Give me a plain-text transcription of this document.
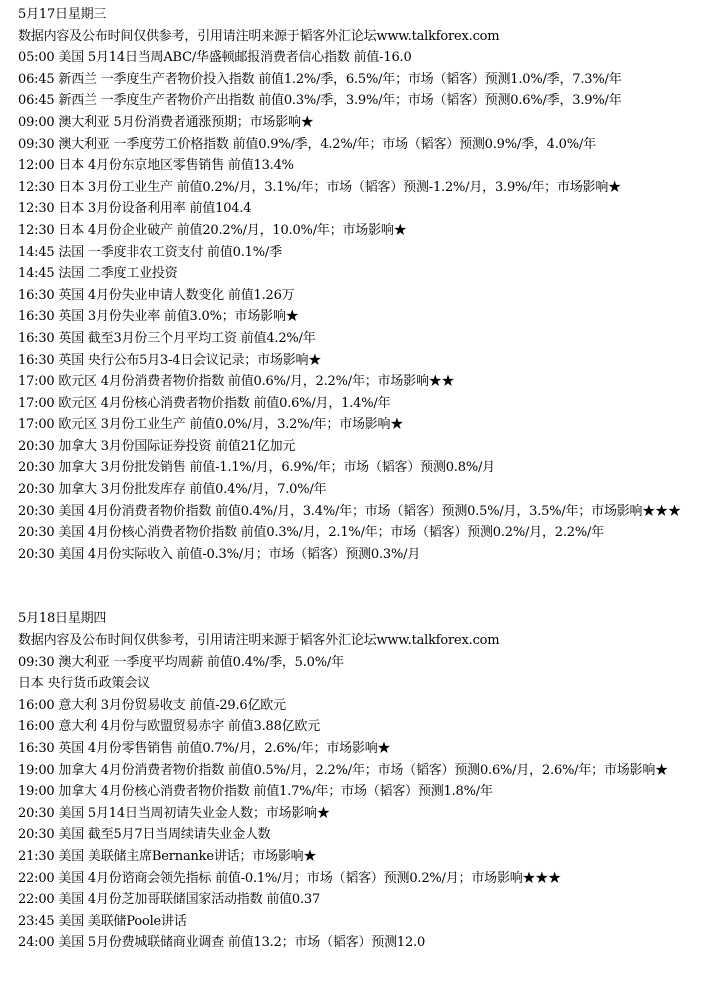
5月17日星期三
数据内容及公布时间仅供参考，引用请注明来源于韬客外汇论坛www.talkforex.com
05:00 美国 5月14日当周ABC/华盛顿邮报消费者信心指数 前值-16.0
06:45 新西兰 一季度生产者物价投入指数 前值1.2%/季，6.5%/年；市场（韬客）预测1.0%/季，7.3%/年
06:45 新西兰 一季度生产者物价产出指数 前值0.3%/季，3.9%/年；市场（韬客）预测0.6%/季，3.9%/年
09:00 澳大利亚 5月份消费者通涨预期；市场影响★
09:30 澳大利亚 一季度劳工价格指数 前值0.9%/季，4.2%/年；市场（韬客）预测0.9%/季，4.0%/年
12:00 日本 4月份东京地区零售销售 前值13.4%
12:30 日本 3月份工业生产 前值0.2%/月，3.1%/年；市场（韬客）预测-1.2%/月，3.9%/年；市场影响★
12:30 日本 3月份设备利用率 前值104.4
12:30 日本 4月份企业破产 前值20.2%/月，10.0%/年；市场影响★
14:45 法国 一季度非农工资支付 前值0.1%/季
14:45 法国 二季度工业投资
16:30 英国 4月份失业申请人数变化 前值1.26万
16:30 英国 3月份失业率 前值3.0%；市场影响★
16:30 英国 截至3月份三个月平均工资 前值4.2%/年
16:30 英国 央行公布5月3-4日会议记录；市场影响★
17:00 欧元区 4月份消费者物价指数 前值0.6%/月，2.2%/年；市场影响★★
17:00 欧元区 4月份核心消费者物价指数 前值0.6%/月，1.4%/年
17:00 欧元区 3月份工业生产 前值0.0%/月，3.2%/年；市场影响★
20:30 加拿大 3月份国际证券投资 前值21亿加元
20:30 加拿大 3月份批发销售 前值-1.1%/月，6.9%/年；市场（韬客）预测0.8%/月
20:30 加拿大 3月份批发库存 前值0.4%/月，7.0%/年
20:30 美国 4月份消费者物价指数 前值0.4%/月，3.4%/年；市场（韬客）预测0.5%/月，3.5%/年；市场影响★★★
20:30 美国 4月份核心消费者物价指数 前值0.3%/月，2.1%/年；市场（韬客）预测0.2%/月，2.2%/年
20:30 美国 4月份实际收入 前值-0.3%/月；市场（韬客）预测0.3%/月
5月18日星期四
数据内容及公布时间仅供参考，引用请注明来源于韬客外汇论坛www.talkforex.com
09:30 澳大利亚 一季度平均周薪 前值0.4%/季，5.0%/年
日本 央行货币政策会议
16:00 意大利 3月份贸易收支 前值-29.6亿欧元
16:00 意大利 4月份与欧盟贸易赤字 前值3.88亿欧元
16:30 英国 4月份零售销售 前值0.7%/月，2.6%/年；市场影响★
19:00 加拿大 4月份消费者物价指数 前值0.5%/月，2.2%/年；市场（韬客）预测0.6%/月，2.6%/年；市场影响★
19:00 加拿大 4月份核心消费者物价指数 前值1.7%/年；市场（韬客）预测1.8%/年
20:30 美国 5月14日当周初请失业金人数；市场影响★
20:30 美国 截至5月7日当周续请失业金人数
21:30 美国 美联储主席Bernanke讲话；市场影响★
22:00 美国 4月份谘商会领先指标 前值-0.1%/月；市场（韬客）预测0.2%/月；市场影响★★★
22:00 美国 4月份芝加哥联储国家活动指数 前值0.37
23:45 美国 美联储Poole讲话
24:00 美国 5月份费城联储商业调查 前值13.2；市场（韬客）预测12.0
